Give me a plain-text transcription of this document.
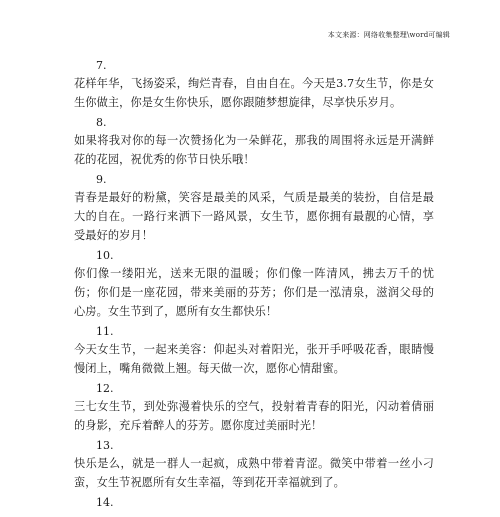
本文来源：网络收集整理\word可编辑

7.

花样年华，飞扬姿采，绚烂青春，自由自在。今天是3.7女生节，你是女生你做主，你是女生你快乐，愿你跟随梦想旋律，尽享快乐岁月。

8.

如果将我对你的每一次赞扬化为一朵鲜花，那我的周围将永远是开满鲜花的花园，祝优秀的你节日快乐哦！

9.

青春是最好的粉黛，笑容是最美的风采，气质是最美的装扮，自信是最大的自在。一路行来洒下一路风景，女生节，愿你拥有最靓的心情，享受最好的岁月！

10.

你们像一缕阳光，送来无限的温暖；你们像一阵清风，拂去万千的忧伤；你们是一座花园，带来美丽的芬芳；你们是一泓清泉，滋润父母的心房。女生节到了，愿所有女生都快乐！

11.

今天女生节，一起来美容：仰起头对着阳光，张开手呼吸花香，眼睛慢慢闭上，嘴角微微上翘。每天做一次，愿你心情甜蜜。

12.

三七女生节，到处弥漫着快乐的空气，投射着青春的阳光，闪动着倩丽的身影，充斥着醉人的芬芳。愿你度过美丽时光！

13.

快乐是么，就是一群人一起疯，成熟中带着青涩。微笑中带着一丝小刁蛮，女生节祝愿所有女生幸福，等到花开幸福就到了。

14.
